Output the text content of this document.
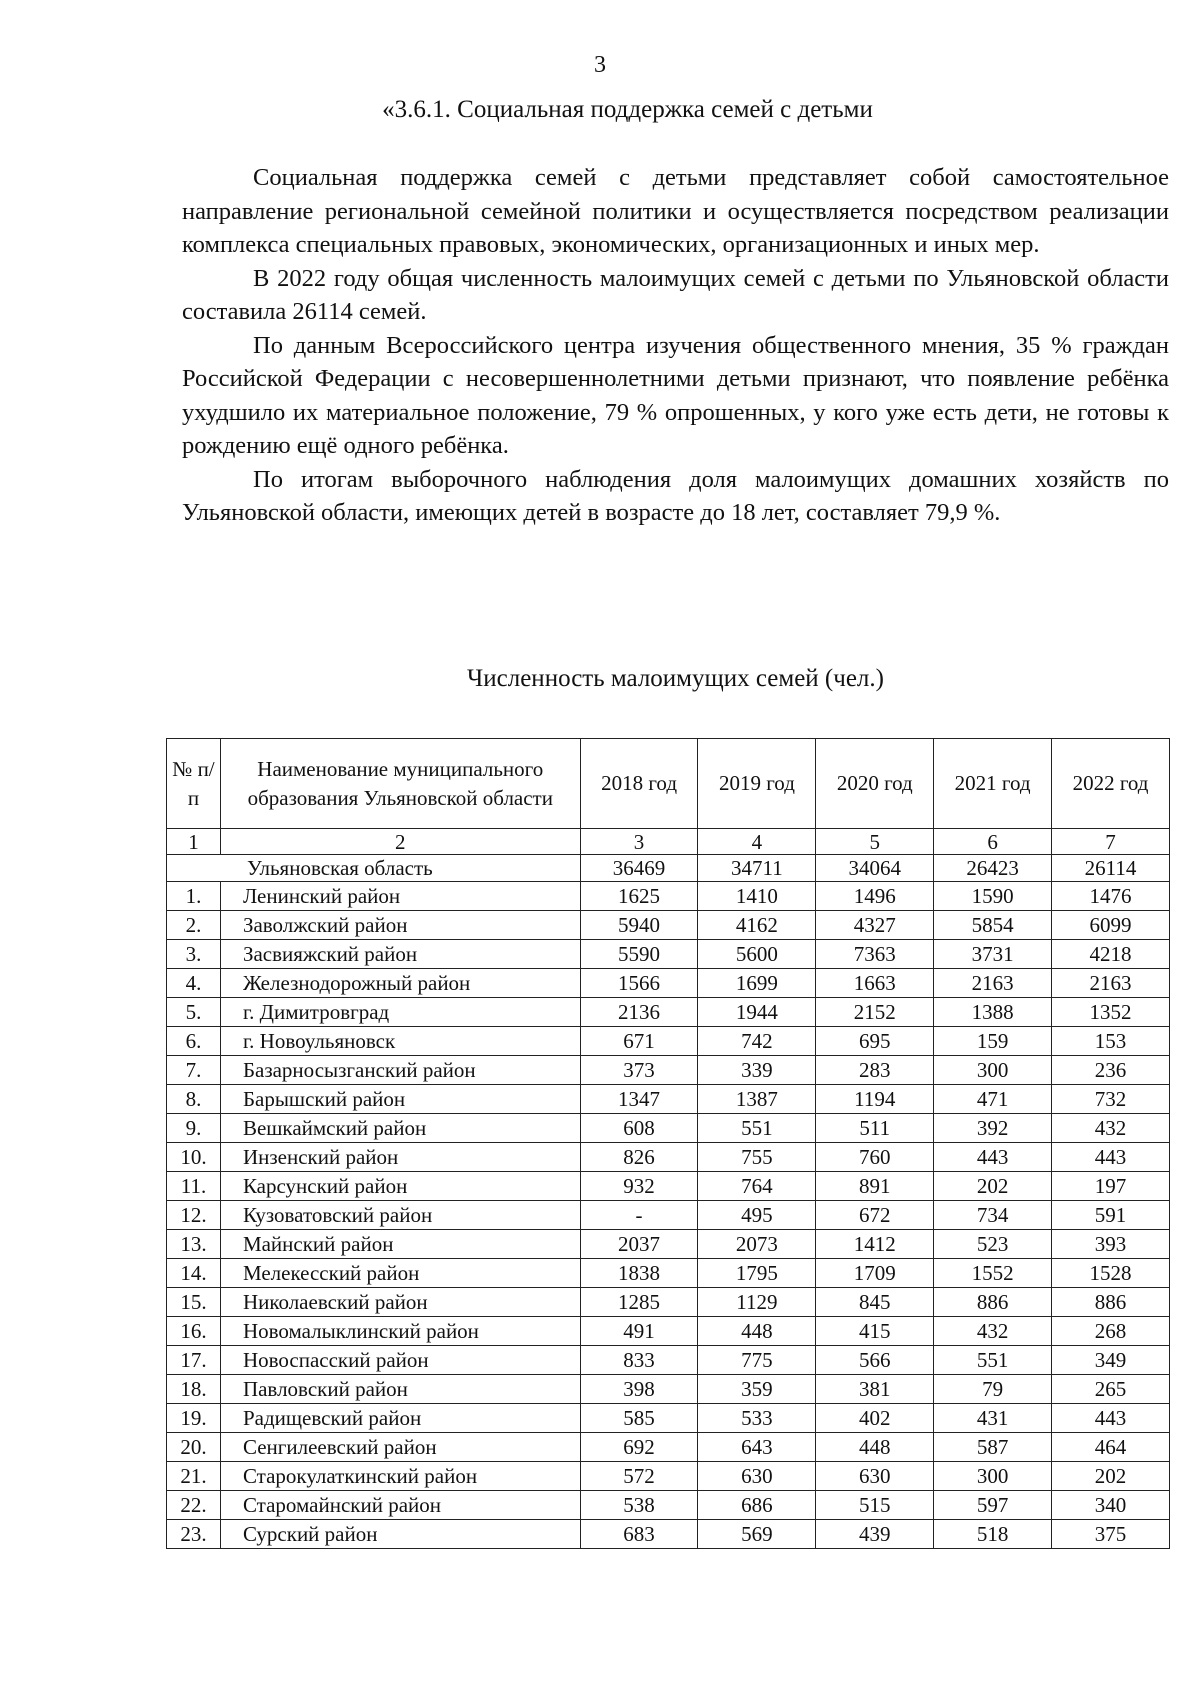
3
«3.6.1. Социальная поддержка семей с детьми

Социальная поддержка семей с детьми представляет собой самостоятельное направление региональной семейной политики и осуществляется посредством реализации комплекса специальных правовых, экономических, организационных и иных мер.

В 2022 году общая численность малоимущих семей с детьми по Ульяновской области составила 26114 семей.

По данным Всероссийского центра изучения общественного мнения, 35 % граждан Российской Федерации с несовершеннолетними детьми признают, что появление ребёнка ухудшило их материальное положение, 79 % опрошенных, у кого уже есть дети, не готовы к рождению ещё одного ребёнка.

По итогам выборочного наблюдения доля малоимущих домашних хозяйств по Ульяновской области, имеющих детей в возрасте до 18 лет, составляет 79,9 %.

Численность малоимущих семей (чел.)
№ п/п	Наименование муниципального образования Ульяновской области	2018 год	2019 год	2020 год	2021 год	2022 год
1	2	3	4	5	6	7
Ульяновская область		36469	34711	34064	26423	26114
1.	Ленинский район	1625	1410	1496	1590	1476
2.	Заволжский район	5940	4162	4327	5854	6099
3.	Засвияжский район	5590	5600	7363	3731	4218
4.	Железнодорожный район	1566	1699	1663	2163	2163
5.	г. Димитровград	2136	1944	2152	1388	1352
6.	г. Новоульяновск	671	742	695	159	153
7.	Базарносызганский район	373	339	283	300	236
8.	Барышский район	1347	1387	1194	471	732
9.	Вешкаймский район	608	551	511	392	432
10.	Инзенский район	826	755	760	443	443
11.	Карсунский район	932	764	891	202	197
12.	Кузоватовский район	-	495	672	734	591
13.	Майнский район	2037	2073	1412	523	393
14.	Мелекесский район	1838	1795	1709	1552	1528
15.	Николаевский район	1285	1129	845	886	886
16.	Новомалыклинский район	491	448	415	432	268
17.	Новоспасский район	833	775	566	551	349
18.	Павловский район	398	359	381	79	265
19.	Радищевский район	585	533	402	431	443
20.	Сенгилеевский район	692	643	448	587	464
21.	Старокулаткинский район	572	630	630	300	202
22.	Старомайнский район	538	686	515	597	340
23.	Сурский район	683	569	439	518	375
